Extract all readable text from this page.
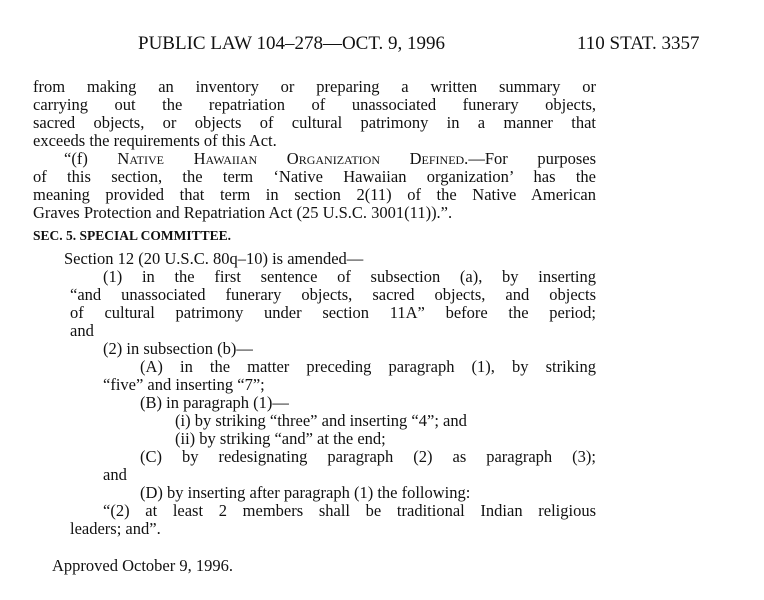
PUBLIC LAW 104–278—OCT. 9, 1996	110 STAT. 3357
from making an inventory or preparing a written summary or
carrying out the repatriation of unassociated funerary objects,
sacred objects, or objects of cultural patrimony in a manner that
exceeds the requirements of this Act.
“(f) Native Hawaiian Organization Defined.—For purposes
of this section, the term ‘Native Hawaiian organization’ has the
meaning provided that term in section 2(11) of the Native American
Graves Protection and Repatriation Act (25 U.S.C. 3001(11)).”.
SEC. 5. SPECIAL COMMITTEE.
Section 12 (20 U.S.C. 80q–10) is amended—
(1) in the first sentence of subsection (a), by inserting
“and unassociated funerary objects, sacred objects, and objects
of cultural patrimony under section 11A” before the period;
and
(2) in subsection (b)—
(A) in the matter preceding paragraph (1), by striking
“five” and inserting “7”;
(B) in paragraph (1)—
(i) by striking “three” and inserting “4”; and
(ii) by striking “and” at the end;
(C) by redesignating paragraph (2) as paragraph (3);
and
(D) by inserting after paragraph (1) the following:
“(2) at least 2 members shall be traditional Indian religious
leaders; and”.
Approved October 9, 1996.
